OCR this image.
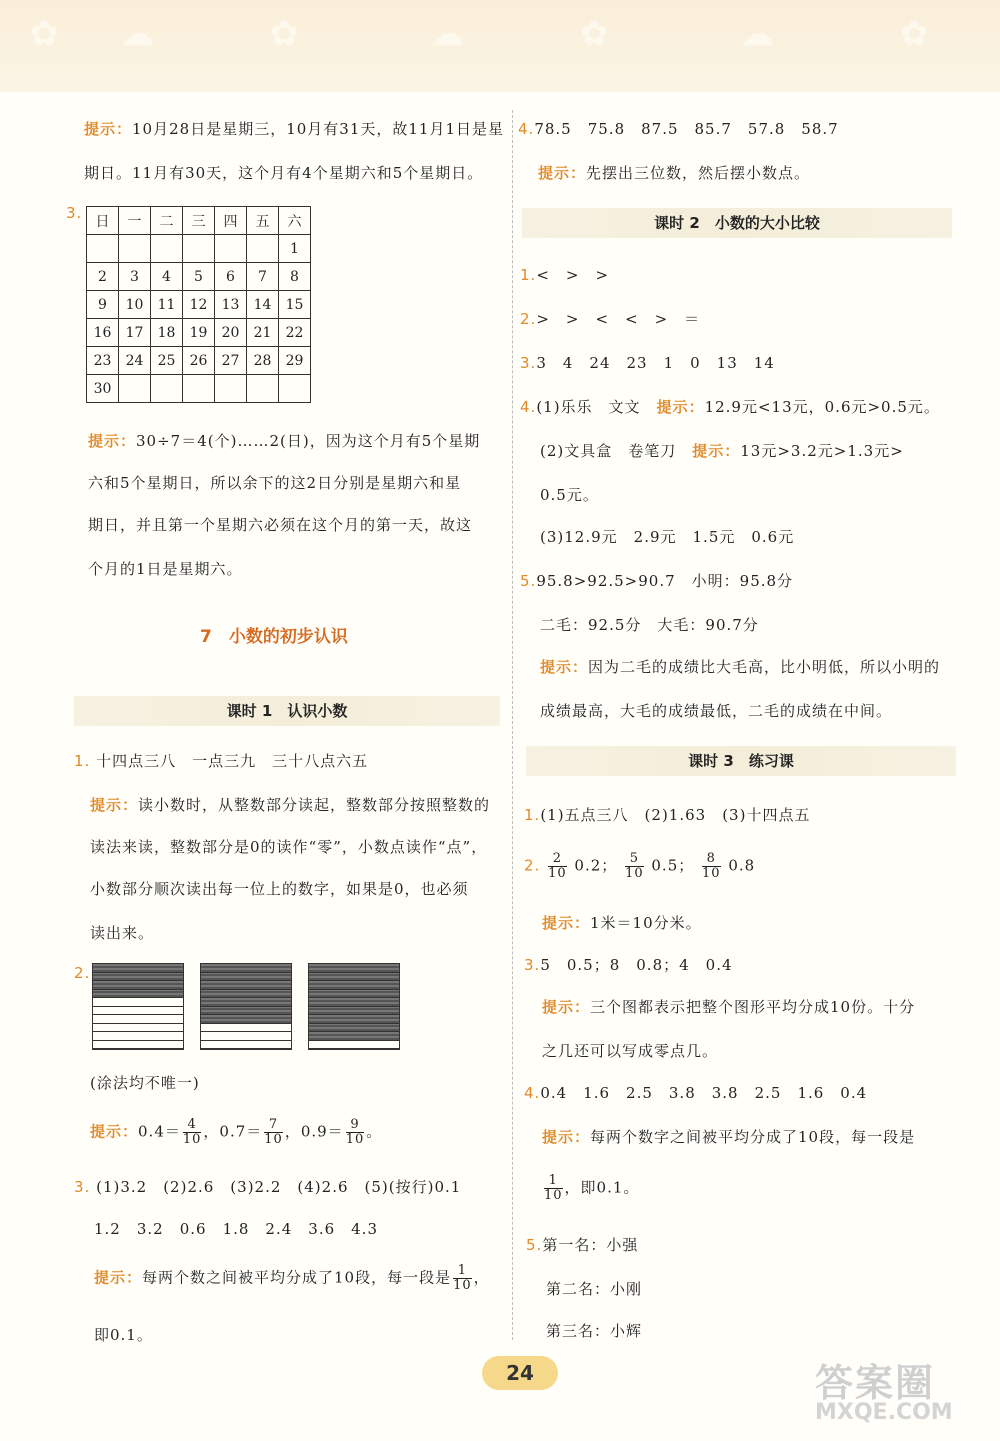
✿ ☁	✿	☁	✿	☁	✿
提示：10月28日是星期三，10月有31天，故11月1日是星
期日。11月有30天，这个月有4个星期六和5个星期日。
3. 日	一	二	三	四	五	六
						1
2	3	4	5	6	7	8
9	10	11	12	13	14	15
16	17	18	19	20	21	22
23	24	25	26	27	28	29
30						
提示：30÷7＝4(个)……2(日)，因为这个月有5个星期
六和5个星期日，所以余下的这2日分别是星期六和星
期日，并且第一个星期六必须在这个月的第一天，故这
个月的1日是星期六。
7　 小数的初步认识
课时 1　认识小数
1. 十四点三八　一点三九　三十八点六五
提示：读小数时，从整数部分读起，整数部分按照整数的
读法来读，整数部分是0的读作“零”，小数点读作“点”，
小数部分顺次读出每一位上的数字，如果是0，也必须
读出来。
2.
(涂法均不唯一)
提示：$0.4= \frac{4}{10}$ ，$0.7= \frac{7}{10}$ ，$0.9= \frac{9}{10}$ 。
3. (1)3.2　(2)2.6　(3)2.2　(4)2.6　(5)(按行)0.1
1.2　3.2　0.6　1.8　2.4　3.6　4.3
提示：每两个数之间被平均分成了10段，每一段是 $\frac{1}{10}$ ，
即0.1。
4.78.5　75.8　87.5　85.7　57.8　58.7
提示：先摆出三位数，然后摆小数点。
课时 2　小数的大小比较
1.<　>　>
2.>　>　<　<　>　＝
3.3　4　24　23　1　0　13　14
4.(1)乐乐　文文　提示：12.9元<13元，0.6元>0.5元。
(2)文具盒　卷笔刀　提示：13元>3.2元>1.3元>
0.5元。
(3)12.9元　2.9元　1.5元　0.6元
5.95.8>92.5>90.7　小明：95.8分
二毛：92.5分　大毛：90.7分
提示：因为二毛的成绩比大毛高，比小明低，所以小明的
成绩最高，大毛的成绩最低，二毛的成绩在中间。
课时 3　练习课
1.(1)五点三八　(2)1.63　(3)十四点五
2. $\frac{2}{10} 0.2$； $\frac{5}{10} 0.5$； $\frac{8}{10} 0.8$
提示：1米＝10分米。
3.5　0.5；8　0.8；4　0.4
提示：三个图都表示把整个图形平均分成10份。十分
之几还可以写成零点几。
4.0.4　1.6　2.5　3.8　3.8　2.5　1.6　0.4
提示：每两个数字之间被平均分成了10段，每一段是
$\frac{1}{10}$ ，即0.1。
5.第一名：小强
第二名：小刚
第三名：小辉
24	答案圈
MXQE.COM
